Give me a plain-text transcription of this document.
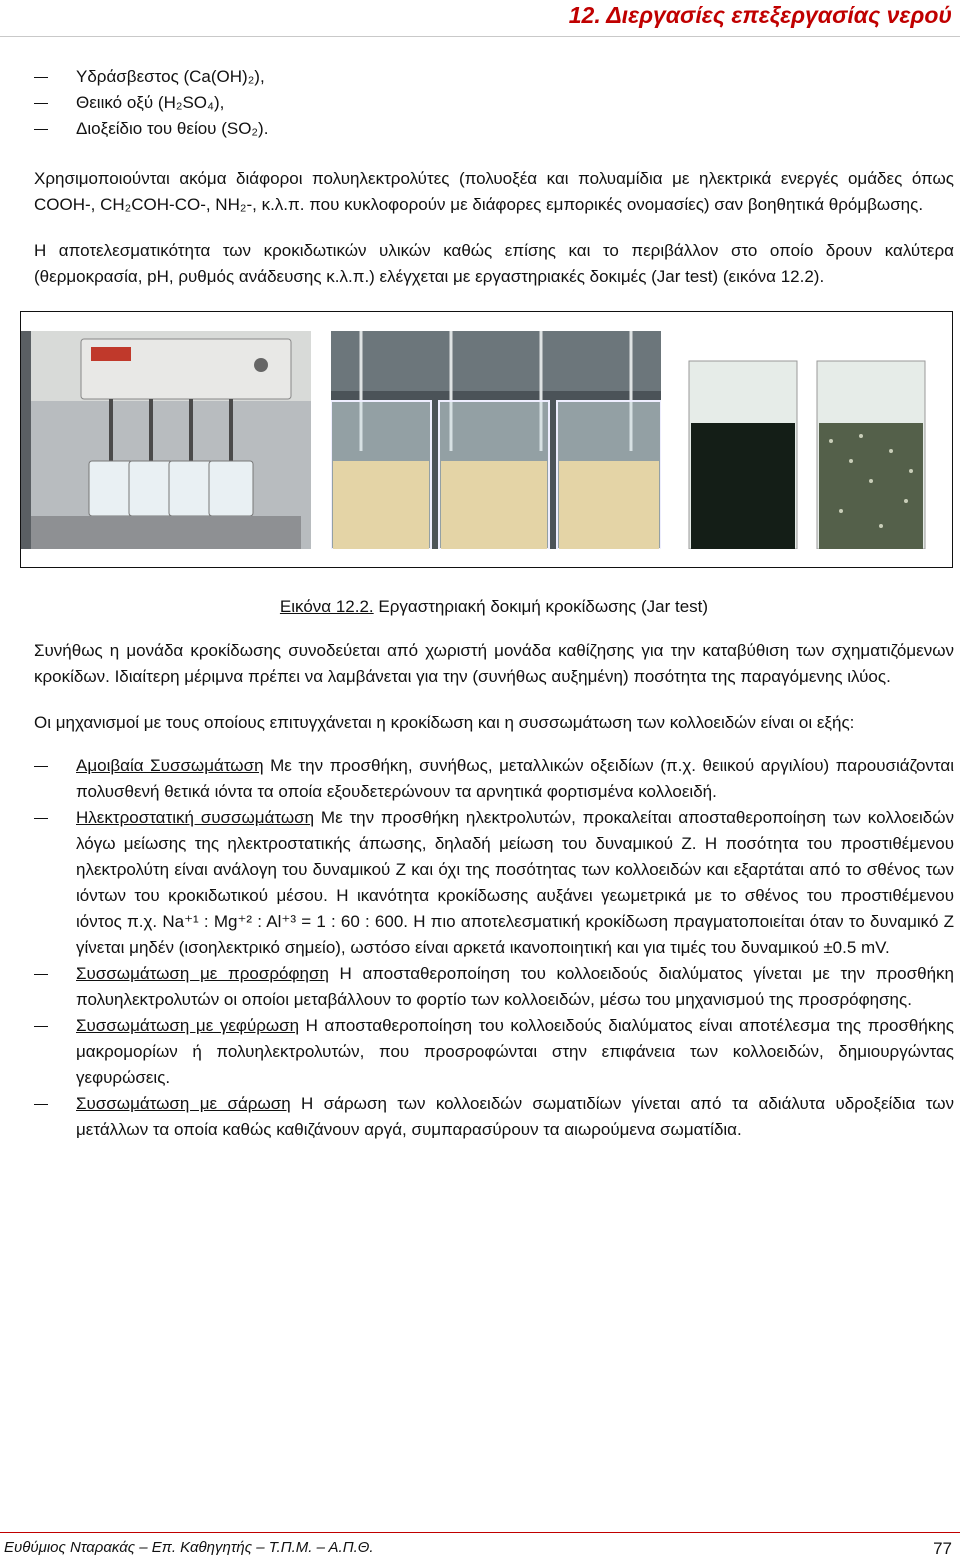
12. Διεργασίες επεξεργασίας νερού
Υδράσβεστος (Ca(OH)₂),
Θειικό οξύ (H₂SO₄),
Διοξείδιο του θείου (SO₂).

Χρησιμοποιούνται ακόμα διάφοροι πολυηλεκτρολύτες (πολυοξέα και πολυαμίδια με ηλεκτρικά ενεργές ομάδες όπως COOH-, CH₂COH-CO-, NH₂-, κ.λ.π. που κυκλοφορούν με διάφορες εμπορικές ονομασίες) σαν βοηθητικά θρόμβωσης.

Η αποτελεσματικότητα των κροκιδωτικών υλικών καθώς επίσης και το περιβάλλον στο οποίο δρουν καλύτερα (θερμοκρασία, pH, ρυθμός ανάδευσης κ.λ.π.) ελέγχεται με εργαστηριακές δοκιμές (Jar test) (εικόνα 12.2).

Εικόνα 12.2. Εργαστηριακή δοκιμή κροκίδωσης (Jar test)

Συνήθως η μονάδα κροκίδωσης συνοδεύεται από χωριστή μονάδα καθίζησης για την καταβύθιση των σχηματιζόμενων κροκίδων. Ιδιαίτερη μέριμνα πρέπει να λαμβάνεται για την (συνήθως αυξημένη) ποσότητα της παραγόμενης ιλύος.

Οι μηχανισμοί με τους οποίους επιτυγχάνεται η κροκίδωση και η συσσωμάτωση των κολλοειδών είναι οι εξής:

Αμοιβαία Συσσωμάτωση Με την προσθήκη, συνήθως, μεταλλικών οξειδίων (π.χ. θειικού αργιλίου) παρουσιάζονται πολυσθενή θετικά ιόντα τα οποία εξουδετερώνουν τα αρνητικά φορτισμένα κολλοειδή.
Ηλεκτροστατική συσσωμάτωση Με την προσθήκη ηλεκτρολυτών, προκαλείται αποσταθεροποίηση των κολλοειδών λόγω μείωσης της ηλεκτροστατικής άπωσης, δηλαδή μείωση του δυναμικού Z. Η ποσότητα του προστιθέμενου ηλεκτρολύτη είναι ανάλογη του δυναμικού Z και όχι της ποσότητας των κολλοειδών και εξαρτάται από το σθένος των ιόντων του κροκιδωτικού μέσου. Η ικανότητα κροκίδωσης αυξάνει γεωμετρικά με το σθένος του προστιθέμενου ιόντος π.χ. Na⁺¹ : Mg⁺² : Al⁺³ = 1 : 60 : 600. Η πιο αποτελεσματική κροκίδωση πραγματοποιείται όταν το δυναμικό Z γίνεται μηδέν (ισοηλεκτρικό σημείο), ωστόσο είναι αρκετά ικανοποιητική και για τιμές του δυναμικού ±0.5 mV.
Συσσωμάτωση με προσρόφηση Η αποσταθεροποίηση του κολλοειδούς διαλύματος γίνεται με την προσθήκη πολυηλεκτρολυτών οι οποίοι μεταβάλλουν το φορτίο των κολλοειδών, μέσω του μηχανισμού της προσρόφησης.
Συσσωμάτωση με γεφύρωση Η αποσταθεροποίηση του κολλοειδούς διαλύματος είναι αποτέλεσμα της προσθήκης μακρομορίων ή πολυηλεκτρολυτών, που προσροφώνται στην επιφάνεια των κολλοειδών, δημιουργώντας γεφυρώσεις.
Συσσωμάτωση με σάρωση Η σάρωση των κολλοειδών σωματιδίων γίνεται από τα αδιάλυτα υδροξείδια των μετάλλων τα οποία καθώς καθιζάνουν αργά, συμπαρασύρουν τα αιωρούμενα σωματίδια.
Ευθύμιος Νταρακάς – Επ. Καθηγητής – Τ.Π.Μ. – Α.Π.Θ.	77
